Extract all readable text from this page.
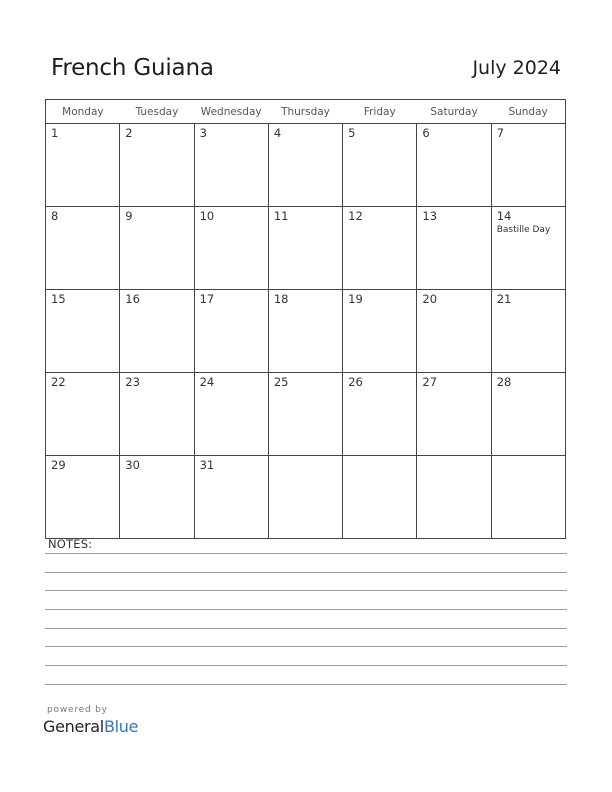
French Guiana	July 2024
Monday	Tuesday	Wednesday	Thursday	Friday	Saturday	Sunday

1	2	3	4	5	6	7

8	9	10	11	12	13	14
Bastille Day

15	16	17	18	19	20	21

22	23	24	25	26	27	28

29	30	31				

NOTES:
powered by
GeneralBlue
